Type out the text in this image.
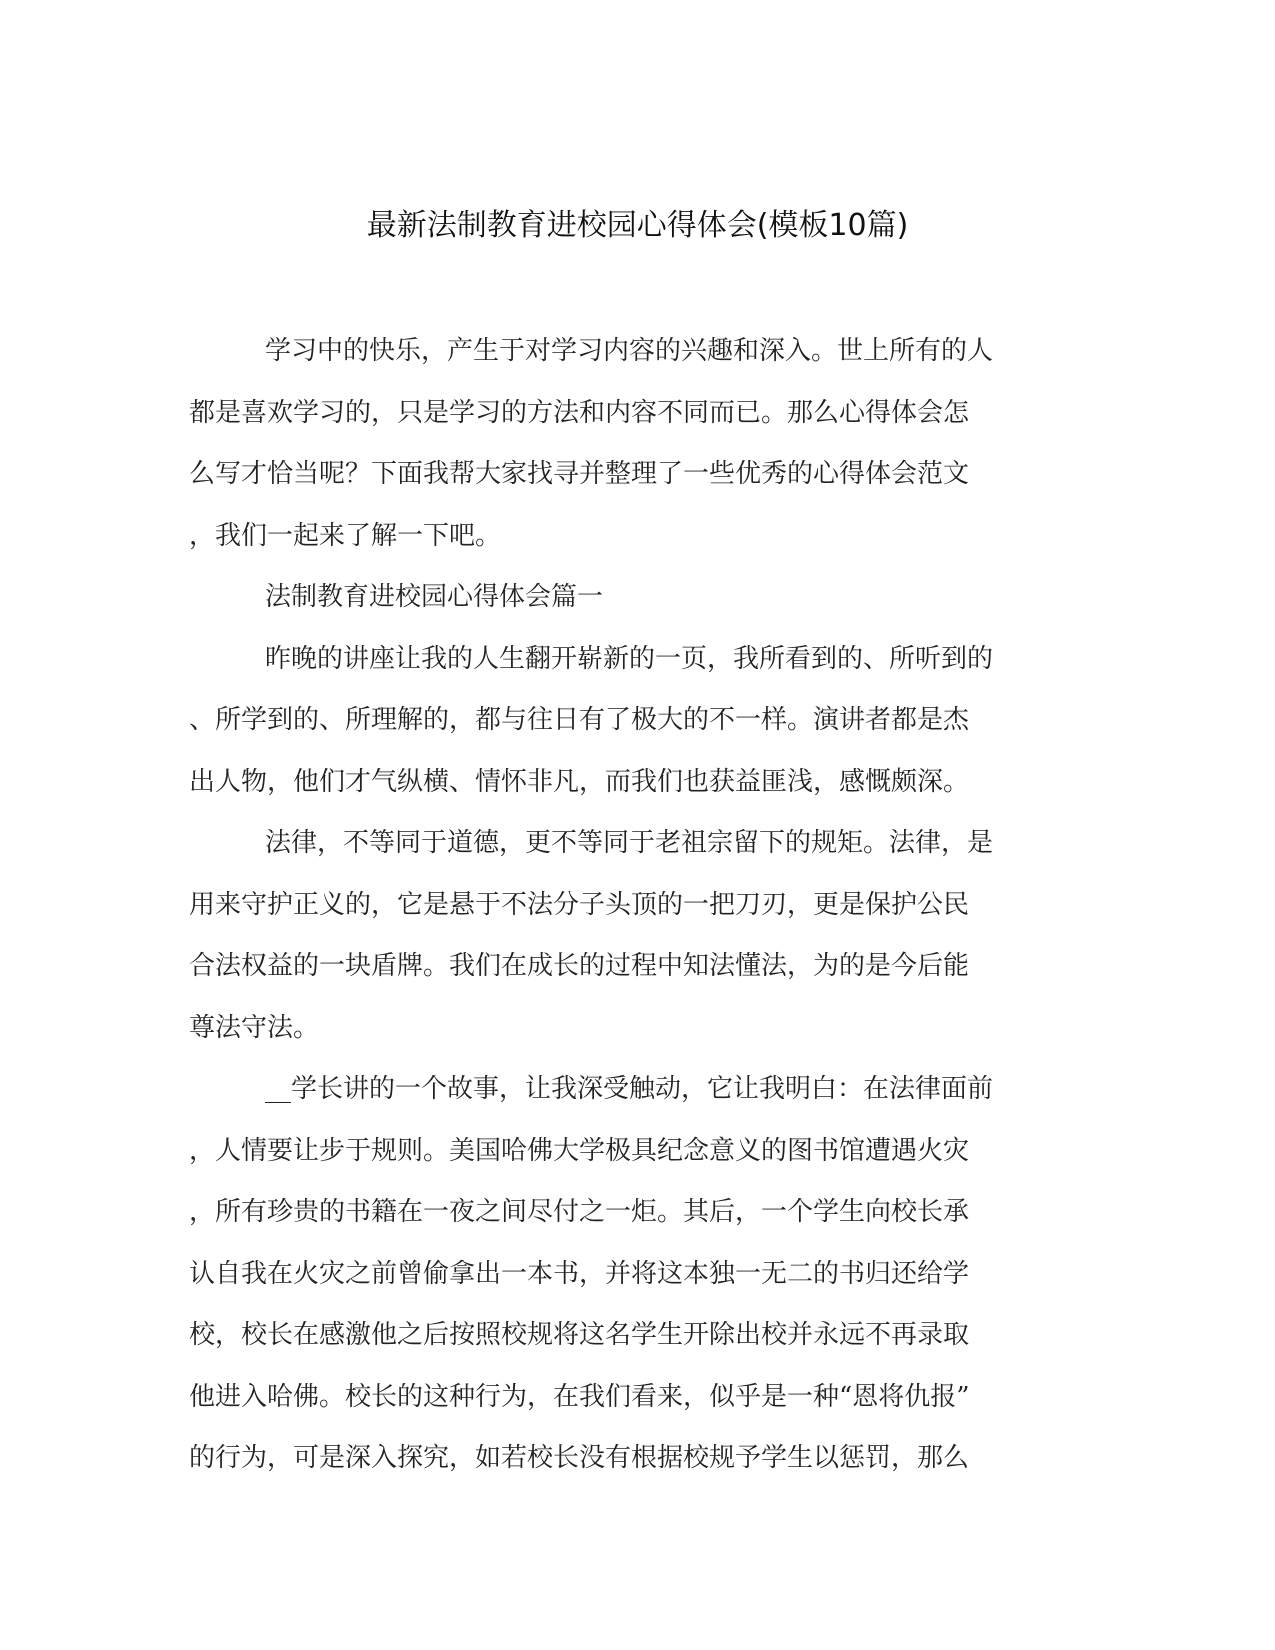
最新法制教育进校园心得体会(模板10篇)

学习中的快乐，产生于对学习内容的兴趣和深入。世上所有的人

都是喜欢学习的，只是学习的方法和内容不同而已。那么心得体会怎

么写才恰当呢？下面我帮大家找寻并整理了一些优秀的心得体会范文

，我们一起来了解一下吧。

法制教育进校园心得体会篇一

昨晚的讲座让我的人生翻开崭新的一页，我所看到的、所听到的

、所学到的、所理解的，都与往日有了极大的不一样。演讲者都是杰

出人物，他们才气纵横、情怀非凡，而我们也获益匪浅，感慨颇深。

法律，不等同于道德，更不等同于老祖宗留下的规矩。法律，是

用来守护正义的，它是悬于不法分子头顶的一把刀刃，更是保护公民

合法权益的一块盾牌。我们在成长的过程中知法懂法，为的是今后能

尊法守法。

__学长讲的一个故事，让我深受触动，它让我明白：在法律面前

，人情要让步于规则。美国哈佛大学极具纪念意义的图书馆遭遇火灾

，所有珍贵的书籍在一夜之间尽付之一炬。其后，一个学生向校长承

认自我在火灾之前曾偷拿出一本书，并将这本独一无二的书归还给学

校，校长在感激他之后按照校规将这名学生开除出校并永远不再录取

他进入哈佛。校长的这种行为，在我们看来，似乎是一种“恩将仇报”

的行为，可是深入探究，如若校长没有根据校规予学生以惩罚，那么
